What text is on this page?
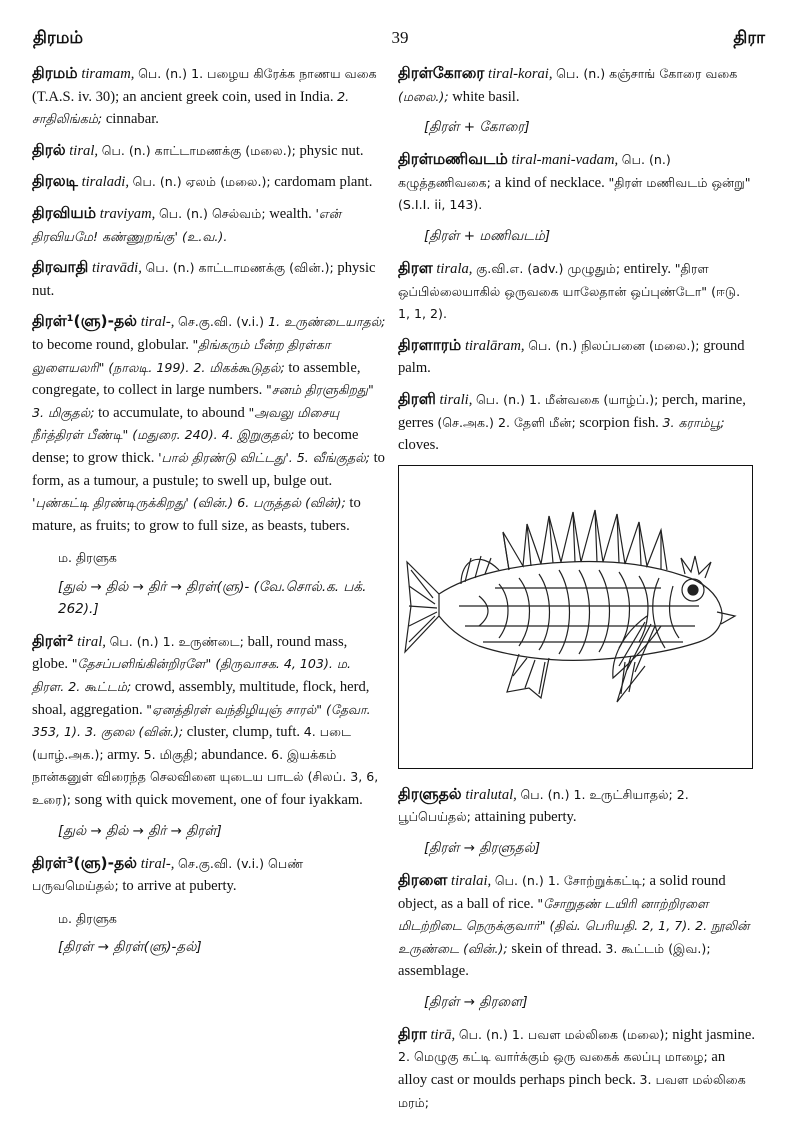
திரமம்	39	திரா
திரமம் tiramam, பெ. (n.) 1. பழைய கிரேக்க நாணய வகை (T.A.S. iv. 30); an ancient greek coin, used in India. 2. சாதிலிங்கம்; cinnabar.
திரல் tiral, பெ. (n.) காட்டாமணக்கு (மலை.); physic nut.
திரலடி tiraladi, பெ. (n.) ஏலம் (மலை.); cardomam plant.
திரவியம் traviyam, பெ. (n.) செல்வம்; wealth. 'என் திரவியமே! கண்ணுறங்கு' (உ.வ.).
திரவாதி tiravādi, பெ. (n.) காட்டாமணக்கு (வின்.); physic nut.
திரள்¹(ளு)-தல் tiral-, செ.கு.வி. (v.i.) 1. உருண்டையாதல்; to become round, globular. "திங்கரும் பீன்ற திரள்கா லுளையலரி" (நாலடி. 199). 2. மிகக்கூடுதல்; to assemble, congregate, to collect in large numbers. "சனம் திரளுகிறது" 3. மிகுதல்; to accumulate, to abound "அவலு மிசையு நீர்த்திரள் பீண்டி" (மதுரை. 240). 4. இறுகுதல்; to become dense; to grow thick. 'பால் திரண்டு விட்டது'. 5. வீங்குதல்; to form, as a tumour, a pustule; to swell up, bulge out. 'புண்கட்டி திரண்டிருக்கிறது' (வின்.) 6. பருத்தல் (வின்); to mature, as fruits; to grow to full size, as beasts, tubers.
ம. திரளுக
[துல் → தில் → திர் → திரள்(ளு)- (வே.சொல்.க. பக். 262).]
திரள்² tiral, பெ. (n.) 1. உருண்டை; ball, round mass, globe. "தேசப்பளிங்கின்றிரளே" (திருவாசக. 4, 103). ம. திரள. 2. கூட்டம்; crowd, assembly, multitude, flock, herd, shoal, aggregation. "ஏனத்திரள் வந்திழியுஞ் சாரல்" (தேவா. 353, 1). 3. குலை (வின்.); cluster, clump, tuft. 4. படை (யாழ்.அக.); army. 5. மிகுதி; abundance. 6. இயக்கம் நான்கனுள் விரைந்த செலவினை யுடைய பாடல் (சிலப். 3, 6, உரை); song with quick movement, one of four iyakkam.
[துல் → தில் → திர் → திரள்]
திரள்³(ளு)-தல் tiral-, செ.கு.வி. (v.i.) பெண் பருவமெய்தல்; to arrive at puberty.
ம. திரளுக
[திரள் → திரள்(ளு)-தல்]
திரள்கோரை tiral-korai, பெ. (n.) கஞ்சாங் கோரை வகை (மலை.); white basil.
[திரள் + கோரை]
திரள்மணிவடம் tiral-mani-vadam, பெ. (n.) கழுத்தணிவகை; a kind of necklace. "திரள் மணிவடம் ஒன்று" (S.I.I. ii, 143).
[திரள் + மணிவடம்]
திரள tirala, கு.வி.எ. (adv.) முழுதும்; entirely. "திரள ஒப்பில்லையாகில் ஒருவகை யாலேதான் ஒப்புண்டோ" (ஈடு. 1, 1, 2).
திரளாரம் tiralāram, பெ. (n.) நிலப்பனை (மலை.); ground palm.
திரளி tirali, பெ. (n.) 1. மீன்வகை (யாழ்ப்.); perch, marine, gerres (செ.அக.) 2. தேளி மீன்; scorpion fish. 3. கராம்பூ; cloves.
திரளுதல் tiralutal, பெ. (n.) 1. உருட்சியாதல்; 2. பூப்பெய்தல்; attaining puberty.
[திரள் → திரளுதல்]
திரளை tiralai, பெ. (n.) 1. சோற்றுக்கட்டி; a solid round object, as a ball of rice. "சோறுதண் டயிரி னாற்றிரளை மிடற்றிடை நெருக்குவார்" (திவ். பெரியதி. 2, 1, 7). 2. நூலின் உருண்டை (வின்.); skein of thread. 3. கூட்டம் (இவ.); assemblage.
[திரள் → திரளை]
திரா tirā, பெ. (n.) 1. பவள மல்லிகை (மலை); night jasmine. 2. மெழுகு கட்டி வார்க்கும் ஒரு வகைக் கலப்பு மாழை; an alloy cast or moulds perhaps pinch beck. 3. பவள மல்லிகை மரம்;
